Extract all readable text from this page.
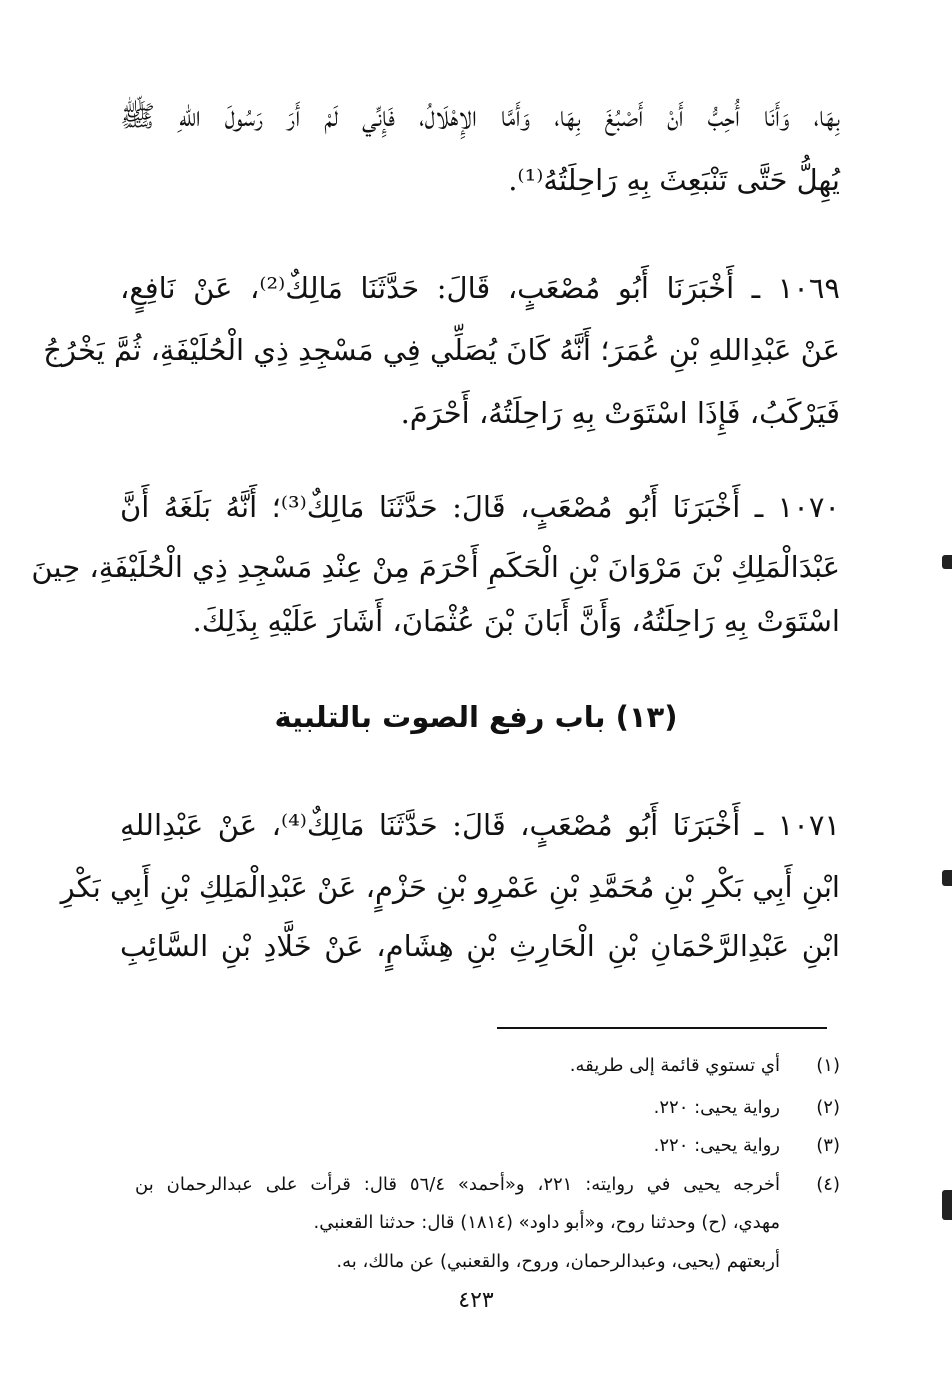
بِهَا، وَأَنَا أُحِبُّ أَنْ أَصْبُغَ بِهَا، وَأَمَّا الإِهْلَالُ، فَإِنِّي لَمْ أَرَ رَسُولَ اللهِ ﷺ
يُهِلُّ حَتَّى تَنْبَعِثَ بِهِ رَاحِلَتُهُ⁽¹⁾.
١٠٦٩ ـ أَخْبَرَنَا أَبُو مُصْعَبٍ، قَالَ: حَدَّثَنَا مَالِكٌ⁽²⁾، عَنْ نَافِعٍ،
عَنْ عَبْدِاللهِ بْنِ عُمَرَ؛ أَنَّهُ كَانَ يُصَلِّي فِي مَسْجِدِ ذِي الْحُلَيْفَةِ، ثُمَّ يَخْرُجُ
فَيَرْكَبُ، فَإِذَا اسْتَوَتْ بِهِ رَاحِلَتُهُ، أَحْرَمَ.
١٠٧٠ ـ أَخْبَرَنَا أَبُو مُصْعَبٍ، قَالَ: حَدَّثَنَا مَالِكٌ⁽³⁾؛ أَنَّهُ بَلَغَهُ أَنَّ
عَبْدَالْمَلِكِ بْنَ مَرْوَانَ بْنِ الْحَكَمِ أَحْرَمَ مِنْ عِنْدِ مَسْجِدِ ذِي الْحُلَيْفَةِ، حِينَ
اسْتَوَتْ بِهِ رَاحِلَتُهُ، وَأَنَّ أَبَانَ بْنَ عُثْمَانَ، أَشَارَ عَلَيْهِ بِذَلِكَ.
(١٣) باب رفع الصوت بالتلبية
١٠٧١ ـ أَخْبَرَنَا أَبُو مُصْعَبٍ، قَالَ: حَدَّثَنَا مَالِكٌ⁽⁴⁾، عَنْ عَبْدِاللهِ
ابْنِ أَبِي بَكْرِ بْنِ مُحَمَّدِ بْنِ عَمْرِو بْنِ حَزْمٍ، عَنْ عَبْدِالْمَلِكِ بْنِ أَبِي بَكْرِ
ابْنِ عَبْدِالرَّحْمَانِ بْنِ الْحَارِثِ بْنِ هِشَامٍ، عَنْ خَلَّادِ بْنِ السَّائِبِ
(١)
أي تستوي قائمة إلى طريقه.
(٢)
رواية يحيى: ٢٢٠.
(٣)
رواية يحيى: ٢٢٠.
(٤)
أخرجه يحيى في روايته: ٢٢١، و«أحمد» ٥٦/٤ قال: قرأت على عبدالرحمان بن
مهدي، (ح) وحدثنا روح، و«أبو داود» (١٨١٤) قال: حدثنا القعنبي.
أربعتهم (يحيى، وعبدالرحمان، وروح، والقعنبي) عن مالك، به.
٤٢٣
